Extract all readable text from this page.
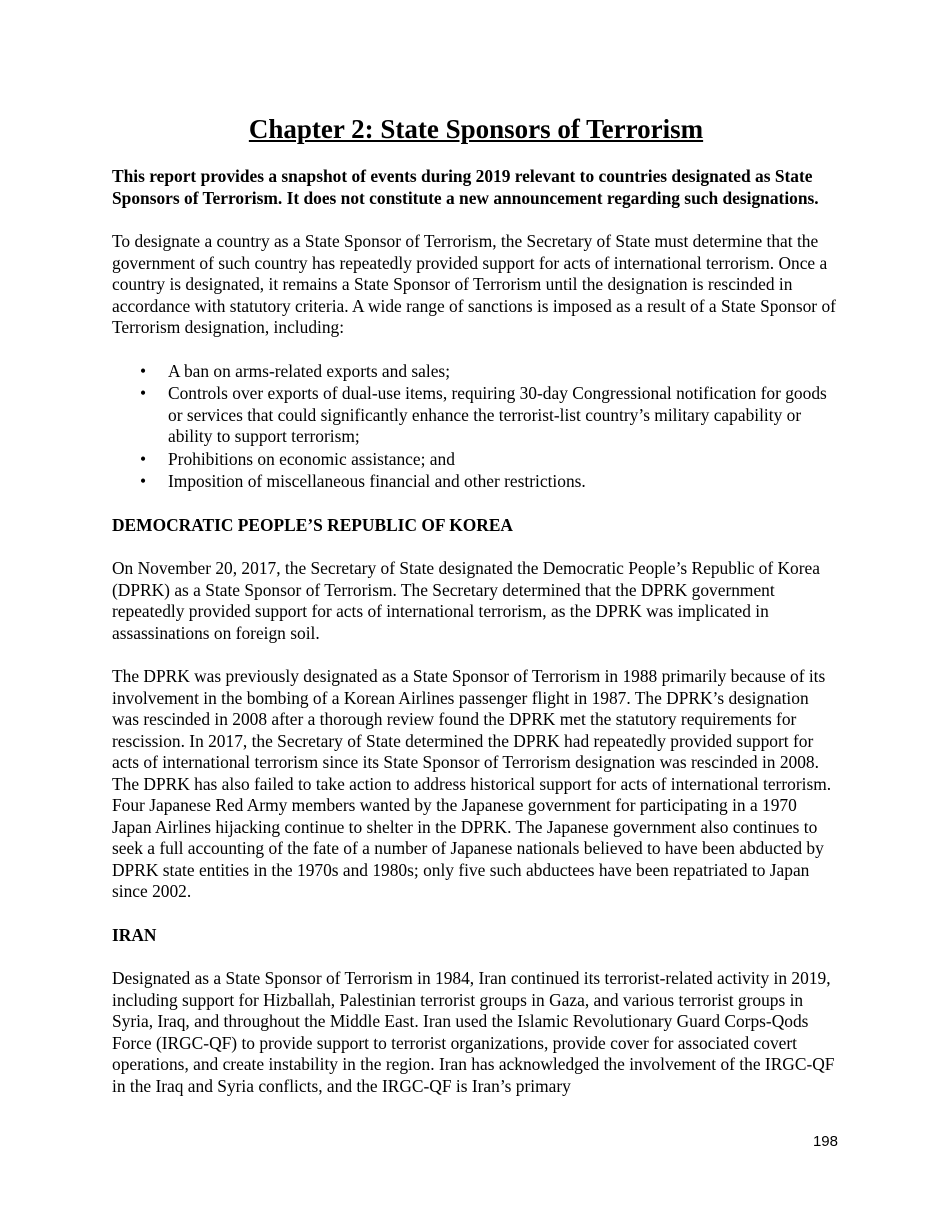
Chapter 2: State Sponsors of Terrorism

This report provides a snapshot of events during 2019 relevant to countries designated as State Sponsors of Terrorism. It does not constitute a new announcement regarding such designations.

To designate a country as a State Sponsor of Terrorism, the Secretary of State must determine that the government of such country has repeatedly provided support for acts of international terrorism. Once a country is designated, it remains a State Sponsor of Terrorism until the designation is rescinded in accordance with statutory criteria. A wide range of sanctions is imposed as a result of a State Sponsor of Terrorism designation, including:

• A ban on arms-related exports and sales;
• Controls over exports of dual-use items, requiring 30-day Congressional notification for goods or services that could significantly enhance the terrorist-list country’s military capability or ability to support terrorism;
• Prohibitions on economic assistance; and
• Imposition of miscellaneous financial and other restrictions.
DEMOCRATIC PEOPLE’S REPUBLIC OF KOREA

On November 20, 2017, the Secretary of State designated the Democratic People’s Republic of Korea (DPRK) as a State Sponsor of Terrorism. The Secretary determined that the DPRK government repeatedly provided support for acts of international terrorism, as the DPRK was implicated in assassinations on foreign soil.

The DPRK was previously designated as a State Sponsor of Terrorism in 1988 primarily because of its involvement in the bombing of a Korean Airlines passenger flight in 1987. The DPRK’s designation was rescinded in 2008 after a thorough review found the DPRK met the statutory requirements for rescission. In 2017, the Secretary of State determined the DPRK had repeatedly provided support for acts of international terrorism since its State Sponsor of Terrorism designation was rescinded in 2008. The DPRK has also failed to take action to address historical support for acts of international terrorism. Four Japanese Red Army members wanted by the Japanese government for participating in a 1970 Japan Airlines hijacking continue to shelter in the DPRK. The Japanese government also continues to seek a full accounting of the fate of a number of Japanese nationals believed to have been abducted by DPRK state entities in the 1970s and 1980s; only five such abductees have been repatriated to Japan since 2002.

IRAN

Designated as a State Sponsor of Terrorism in 1984, Iran continued its terrorist-related activity in 2019, including support for Hizballah, Palestinian terrorist groups in Gaza, and various terrorist groups in Syria, Iraq, and throughout the Middle East. Iran used the Islamic Revolutionary Guard Corps-Qods Force (IRGC-QF) to provide support to terrorist organizations, provide cover for associated covert operations, and create instability in the region. Iran has acknowledged the involvement of the IRGC-QF in the Iraq and Syria conflicts, and the IRGC-QF is Iran’s primary

198
